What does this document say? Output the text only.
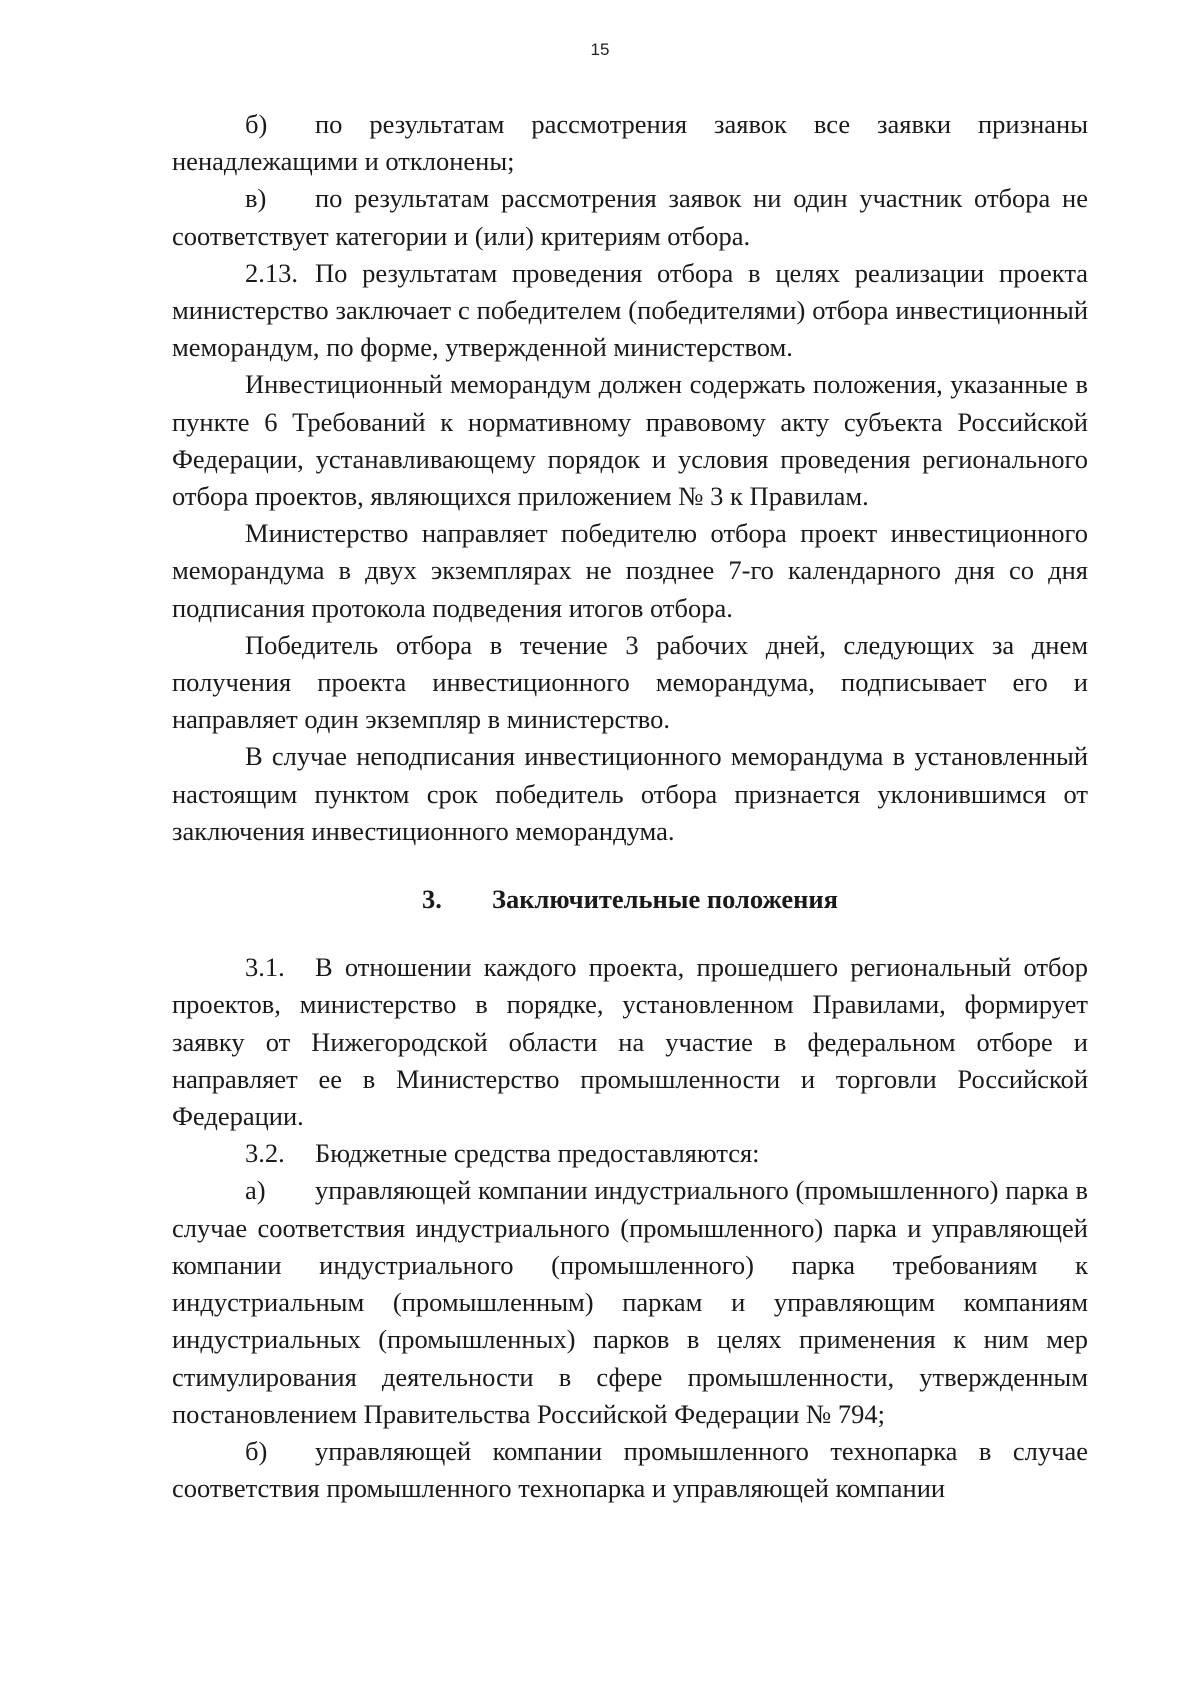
15

б) по результатам рассмотрения заявок все заявки признаны ненадлежащими и отклонены;

в) по результатам рассмотрения заявок ни один участник отбора не соответствует категории и (или) критериям отбора.

2.13. По результатам проведения отбора в целях реализации проекта министерство заключает с победителем (победителями) отбора инвестиционный меморандум, по форме, утвержденной министерством.

Инвестиционный меморандум должен содержать положения, указанные в пункте 6 Требований к нормативному правовому акту субъекта Российской Федерации, устанавливающему порядок и условия проведения регионального отбора проектов, являющихся приложением № 3 к Правилам.

Министерство направляет победителю отбора проект инвестиционного меморандума в двух экземплярах не позднее 7-го календарного дня со дня подписания протокола подведения итогов отбора.

Победитель отбора в течение 3 рабочих дней, следующих за днем получения проекта инвестиционного меморандума, подписывает его и направляет один экземпляр в министерство.

В случае неподписания инвестиционного меморандума в установленный настоящим пунктом срок победитель отбора признается уклонившимся от заключения инвестиционного меморандума.

3. Заключительные положения

3.1. В отношении каждого проекта, прошедшего региональный отбор проектов, министерство в порядке, установленном Правилами, формирует заявку от Нижегородской области на участие в федеральном отборе и направляет ее в Министерство промышленности и торговли Российской Федерации.

3.2. Бюджетные средства предоставляются:

а) управляющей компании индустриального (промышленного) парка в случае соответствия индустриального (промышленного) парка и управляющей компании индустриального (промышленного) парка требованиям к индустриальным (промышленным) паркам и управляющим компаниям индустриальных (промышленных) парков в целях применения к ним мер стимулирования деятельности в сфере промышленности, утвержденным постановлением Правительства Российской Федерации № 794;

б) управляющей компании промышленного технопарка в случае соответствия промышленного технопарка и управляющей компании
